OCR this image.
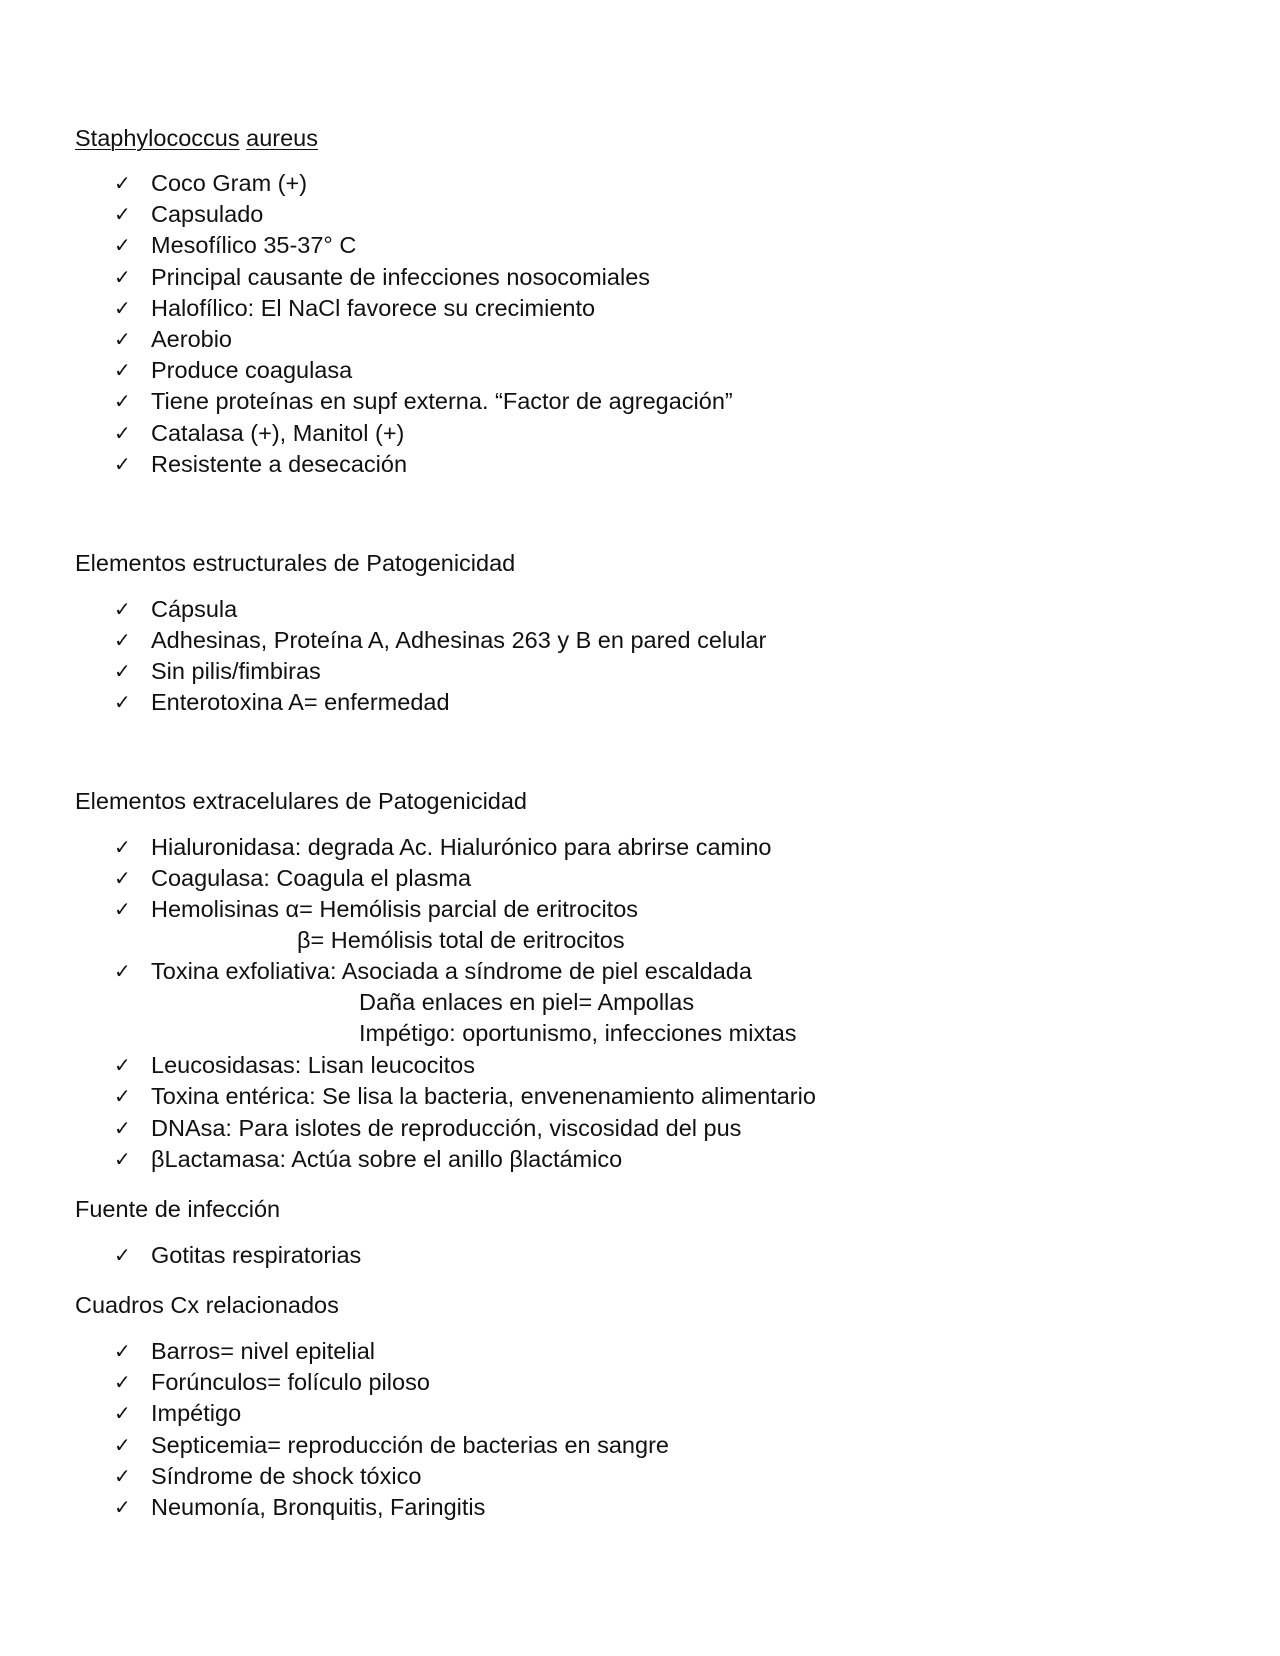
Staphylococcus aureus
✓ Coco Gram (+)
✓ Capsulado
✓ Mesofílico 35-37° C
✓ Principal causante de infecciones nosocomiales
✓ Halofílico: El NaCl favorece su crecimiento
✓ Aerobio
✓ Produce coagulasa
✓ Tiene proteínas en supf externa. “Factor de agregación”
✓ Catalasa (+), Manitol (+)
✓ Resistente a desecación
Elementos estructurales de Patogenicidad
✓ Cápsula
✓ Adhesinas, Proteína A, Adhesinas 263 y B en pared celular
✓ Sin pilis/fimbiras
✓ Enterotoxina A= enfermedad
Elementos extracelulares de Patogenicidad
✓ Hialuronidasa: degrada Ac. Hialurónico para abrirse camino
✓ Coagulasa: Coagula el plasma
✓ Hemolisinas α= Hemólisis parcial de eritrocitos
β= Hemólisis total de eritrocitos
✓ Toxina exfoliativa: Asociada a síndrome de piel escaldada
Daña enlaces en piel= Ampollas
Impétigo: oportunismo, infecciones mixtas
✓ Leucosidasas: Lisan leucocitos
✓ Toxina entérica: Se lisa la bacteria, envenenamiento alimentario
✓ DNAsa: Para islotes de reproducción, viscosidad del pus
✓ βLactamasa: Actúa sobre el anillo βlactámico
Fuente de infección
✓ Gotitas respiratorias
Cuadros Cx relacionados
✓ Barros= nivel epitelial
✓ Forúnculos= folículo piloso
✓ Impétigo
✓ Septicemia= reproducción de bacterias en sangre
✓ Síndrome de shock tóxico
✓ Neumonía, Bronquitis, Faringitis
